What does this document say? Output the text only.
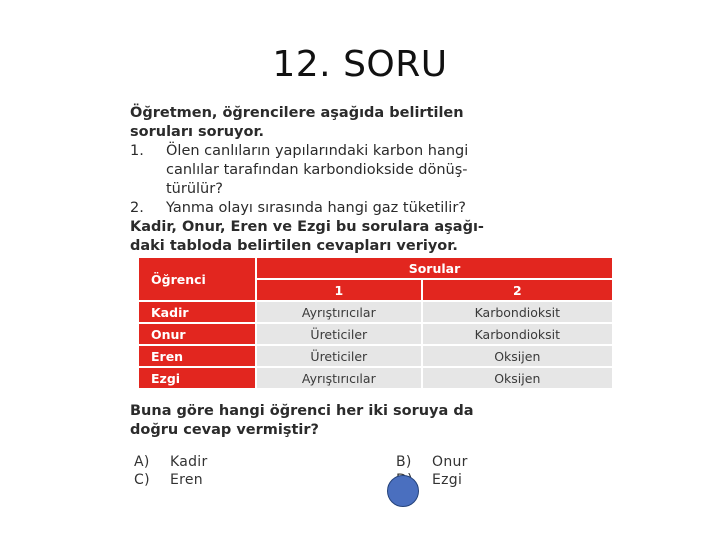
12. SORU
Öğretmen, öğrencilere aşağıda belirtilen
soruları soruyor.
1. Ölen canlıların yapılarındaki karbon hangi
canlılar tarafından karbondiokside dönüş-
türülür?
2. Yanma olayı sırasında hangi gaz tüketilir?
Kadir, Onur, Eren ve Ezgi bu sorulara aşağı-
daki tabloda belirtilen cevapları veriyor.
Öğrenci	Sorular	
	1	2
Kadir	Ayrıştırıcılar	Karbondioksit
Onur	Üreticiler	Karbondioksit
Eren	Üreticiler	Oksijen
Ezgi	Ayrıştırıcılar	Oksijen
Buna göre hangi öğrenci her iki soruya da
doğru cevap vermiştir?
A) Kadir	B) Onur
C) Eren	Ezgi
